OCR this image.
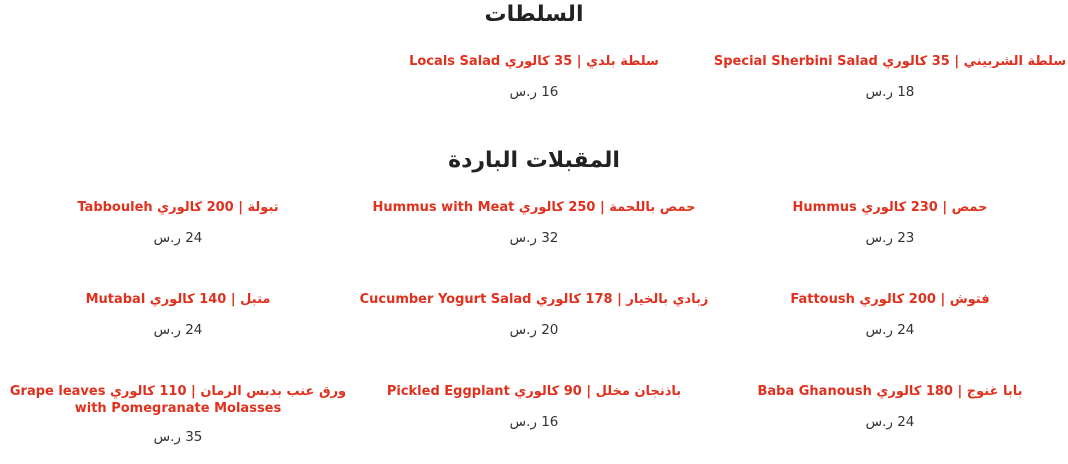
السلطات
سلطة الشربيني | 35 كالوري Special Sherbini Salad
18 ر.س
سلطة بلدي | 35 كالوري Locals Salad
16 ر.س
المقبلات الباردة
حمص | 230 كالوري Hummus
23 ر.س
حمص باللحمة | 250 كالوري Hummus with Meat
32 ر.س
تبولة | 200 كالوري Tabbouleh
24 ر.س
فتوش | 200 كالوري Fattoush
24 ر.س
زبادي بالخيار | 178 كالوري Cucumber Yogurt Salad
20 ر.س
متبل | 140 كالوري Mutabal
24 ر.س
بابا غنوج | 180 كالوري Baba Ghanoush
24 ر.س
باذنجان مخلل | 90 كالوري Pickled Eggplant
16 ر.س
ورق عنب بدبس الرمان | 110 كالوري Grape leaves with Pomegranate Molasses
35 ر.س
